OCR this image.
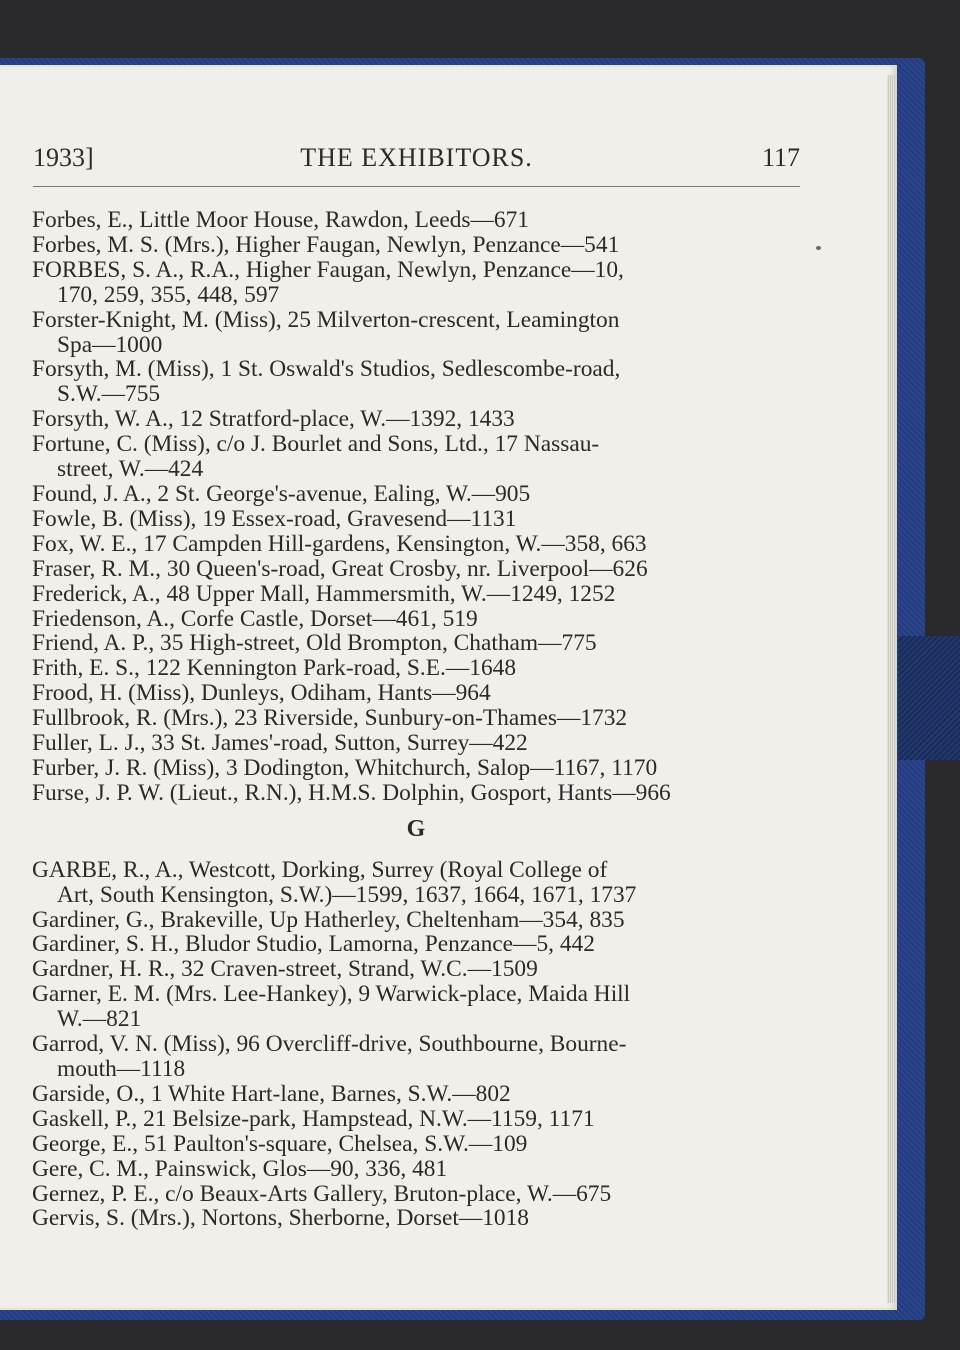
1933]	THE EXHIBITORS.	117
Forbes, E., Little Moor House, Rawdon, Leeds—671
Forbes, M. S. (Mrs.), Higher Faugan, Newlyn, Penzance—541
FORBES, S. A., R.A., Higher Faugan, Newlyn, Penzance—10,
170, 259, 355, 448, 597
Forster-Knight, M. (Miss), 25 Milverton-crescent, Leamington
Spa—1000
Forsyth, M. (Miss), 1 St. Oswald's Studios, Sedlescombe-road,
S.W.—755
Forsyth, W. A., 12 Stratford-place, W.—1392, 1433
Fortune, C. (Miss), c/o J. Bourlet and Sons, Ltd., 17 Nassau-
street, W.—424
Found, J. A., 2 St. George's-avenue, Ealing, W.—905
Fowle, B. (Miss), 19 Essex-road, Gravesend—1131
Fox, W. E., 17 Campden Hill-gardens, Kensington, W.—358, 663
Fraser, R. M., 30 Queen's-road, Great Crosby, nr. Liverpool—626
Frederick, A., 48 Upper Mall, Hammersmith, W.—1249, 1252
Friedenson, A., Corfe Castle, Dorset—461, 519
Friend, A. P., 35 High-street, Old Brompton, Chatham—775
Frith, E. S., 122 Kennington Park-road, S.E.—1648
Frood, H. (Miss), Dunleys, Odiham, Hants—964
Fullbrook, R. (Mrs.), 23 Riverside, Sunbury-on-Thames—1732
Fuller, L. J., 33 St. James'-road, Sutton, Surrey—422
Furber, J. R. (Miss), 3 Dodington, Whitchurch, Salop—1167, 1170
Furse, J. P. W. (Lieut., R.N.), H.M.S. Dolphin, Gosport, Hants—966
G
GARBE, R., A., Westcott, Dorking, Surrey (Royal College of
Art, South Kensington, S.W.)—1599, 1637, 1664, 1671, 1737
Gardiner, G., Brakeville, Up Hatherley, Cheltenham—354, 835
Gardiner, S. H., Bludor Studio, Lamorna, Penzance—5, 442
Gardner, H. R., 32 Craven-street, Strand, W.C.—1509
Garner, E. M. (Mrs. Lee-Hankey), 9 Warwick-place, Maida Hill
W.—821
Garrod, V. N. (Miss), 96 Overcliff-drive, Southbourne, Bourne-
mouth—1118
Garside, O., 1 White Hart-lane, Barnes, S.W.—802
Gaskell, P., 21 Belsize-park, Hampstead, N.W.—1159, 1171
George, E., 51 Paulton's-square, Chelsea, S.W.—109
Gere, C. M., Painswick, Glos—90, 336, 481
Gernez, P. E., c/o Beaux-Arts Gallery, Bruton-place, W.—675
Gervis, S. (Mrs.), Nortons, Sherborne, Dorset—1018
